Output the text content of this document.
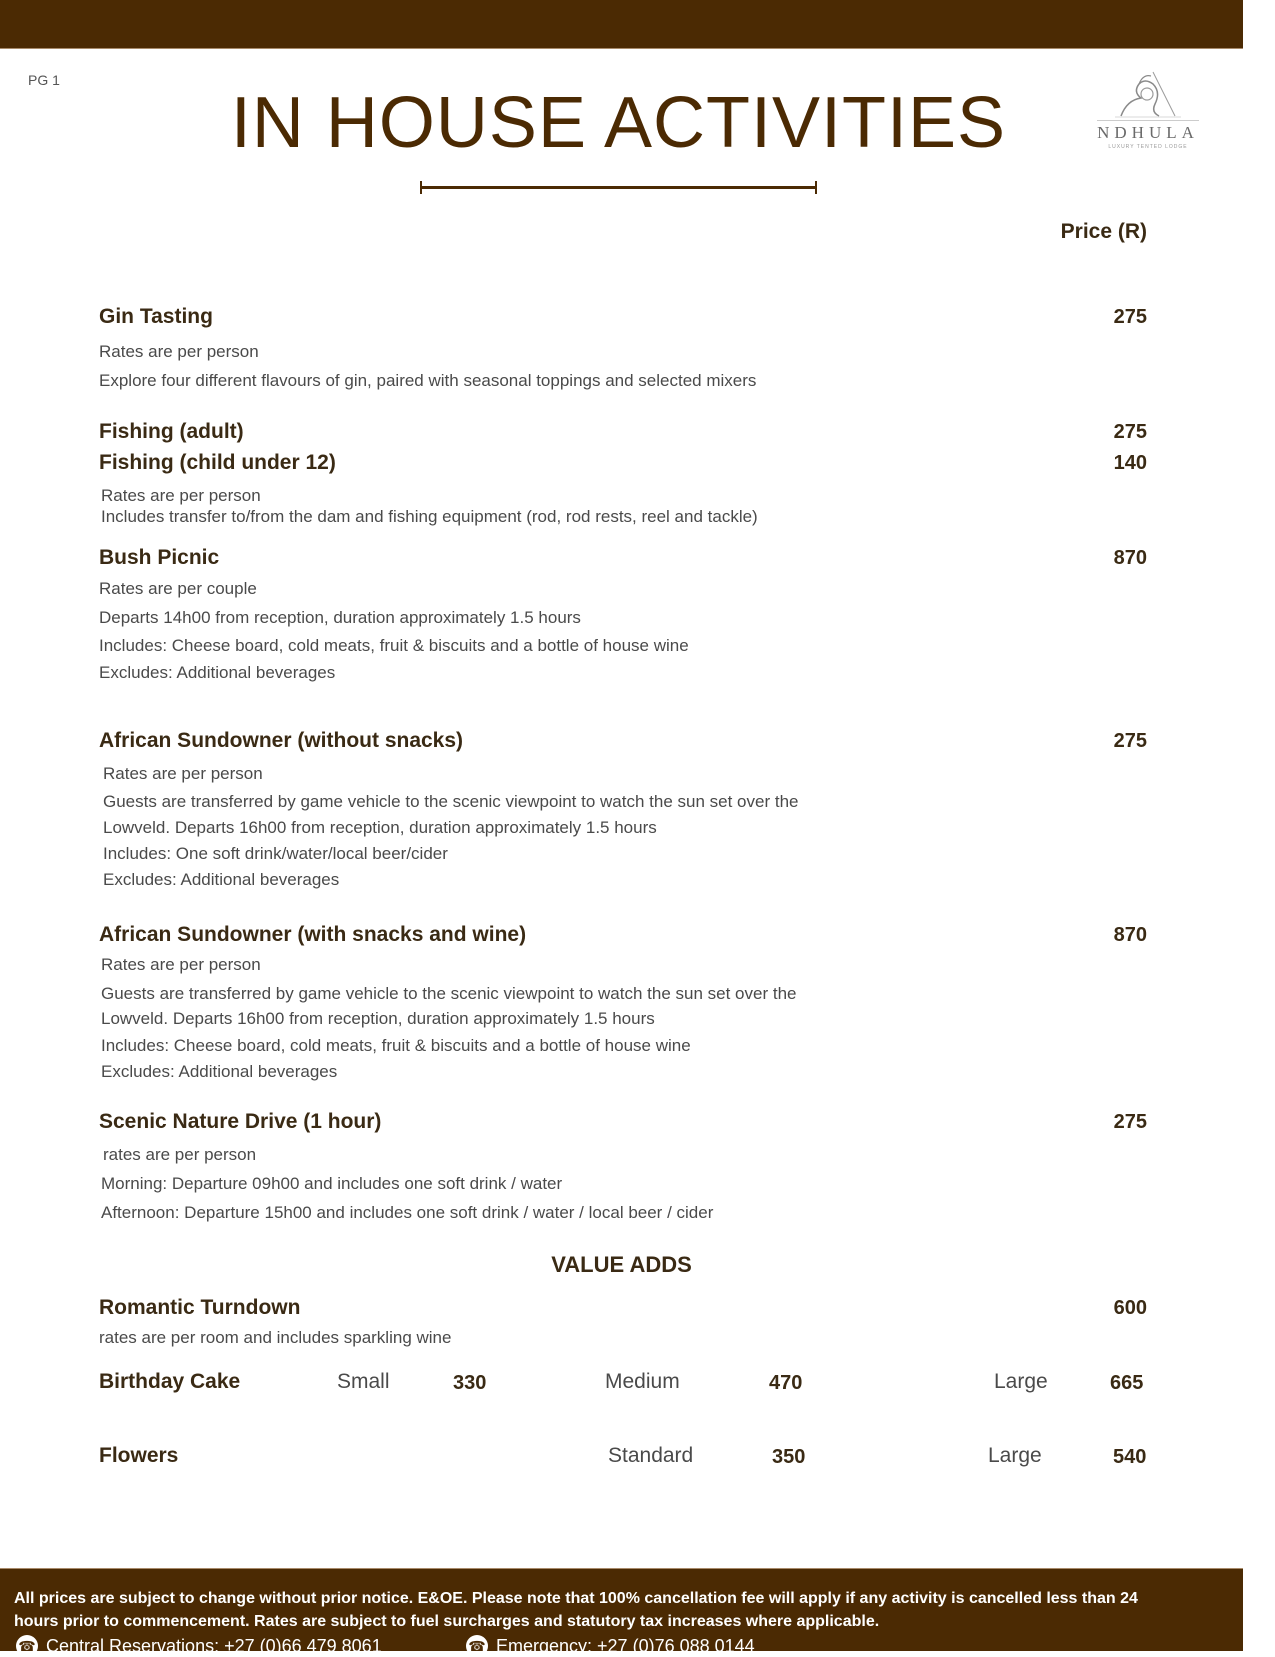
PG 1
IN HOUSE ACTIVITIES	NDHULA
LUXURY TENTED LODGE
Price (R)
Gin Tasting	275
Rates are per person
Explore four different flavours of gin, paired with seasonal toppings and selected mixers
Fishing (adult)	275
Fishing (child under 12)	140
Rates are per person
Includes transfer to/from the dam and fishing equipment (rod, rod rests, reel and tackle)
Bush Picnic	870
Rates are per couple
Departs 14h00 from reception, duration approximately 1.5 hours
Includes: Cheese board, cold meats, fruit & biscuits and a bottle of house wine
Excludes: Additional beverages
African Sundowner (without snacks)	275
Rates are per person
Guests are transferred by game vehicle to the scenic viewpoint to watch the sun set over the
Lowveld. Departs 16h00 from reception, duration approximately 1.5 hours
Includes: One soft drink/water/local beer/cider
Excludes: Additional beverages
African Sundowner (with snacks and wine)	870
Rates are per person
Guests are transferred by game vehicle to the scenic viewpoint to watch the sun set over the
Lowveld. Departs 16h00 from reception, duration approximately 1.5 hours
Includes: Cheese board, cold meats, fruit & biscuits and a bottle of house wine
Excludes: Additional beverages
Scenic Nature Drive (1 hour)	275
rates are per person
Morning: Departure 09h00 and includes one soft drink / water
Afternoon: Departure 15h00 and includes one soft drink / water / local beer / cider
VALUE ADDS
Romantic Turndown	600
rates are per room and includes sparkling wine
Birthday Cake	Small	330	Medium	470	Large	665
Flowers	Standard	350	Large	540
All prices are subject to change without prior notice. E&OE. Please note that 100% cancellation fee will apply if any activity is cancelled less than 24
hours prior to commencement. Rates are subject to fuel surcharges and statutory tax increases where applicable.
☎ Central Reservations: +27 (0)66 479 8061	☎ Emergency: +27 (0)76 088 0144
